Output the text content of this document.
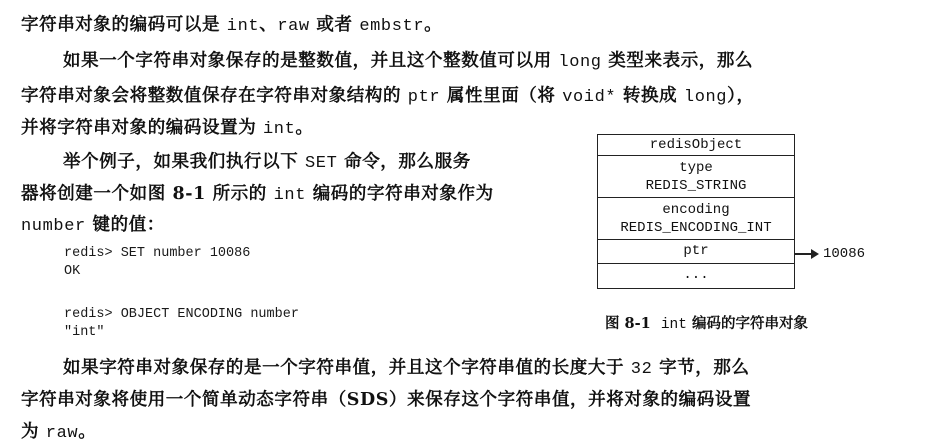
字符串对象的编码可以是 int、raw 或者 embstr。
如果一个字符串对象保存的是整数值，并且这个整数值可以用 long 类型来表示，那么
字符串对象会将整数值保存在字符串对象结构的 ptr 属性里面（将 void* 转换成 long），
并将字符串对象的编码设置为 int。
举个例子，如果我们执行以下 SET 命令，那么服务
器将创建一个如图 8-1 所示的 int 编码的字符串对象作为
number 键的值：
redis> SET number 10086
OK
redis> OBJECT ENCODING number
"int"
redisObject
type
REDIS_STRING
encoding
REDIS_ENCODING_INT
ptr
...
10086
图 8-1 int 编码的字符串对象
如果字符串对象保存的是一个字符串值，并且这个字符串值的长度大于 32 字节，那么
字符串对象将使用一个简单动态字符串（SDS）来保存这个字符串值，并将对象的编码设置
为 raw。
